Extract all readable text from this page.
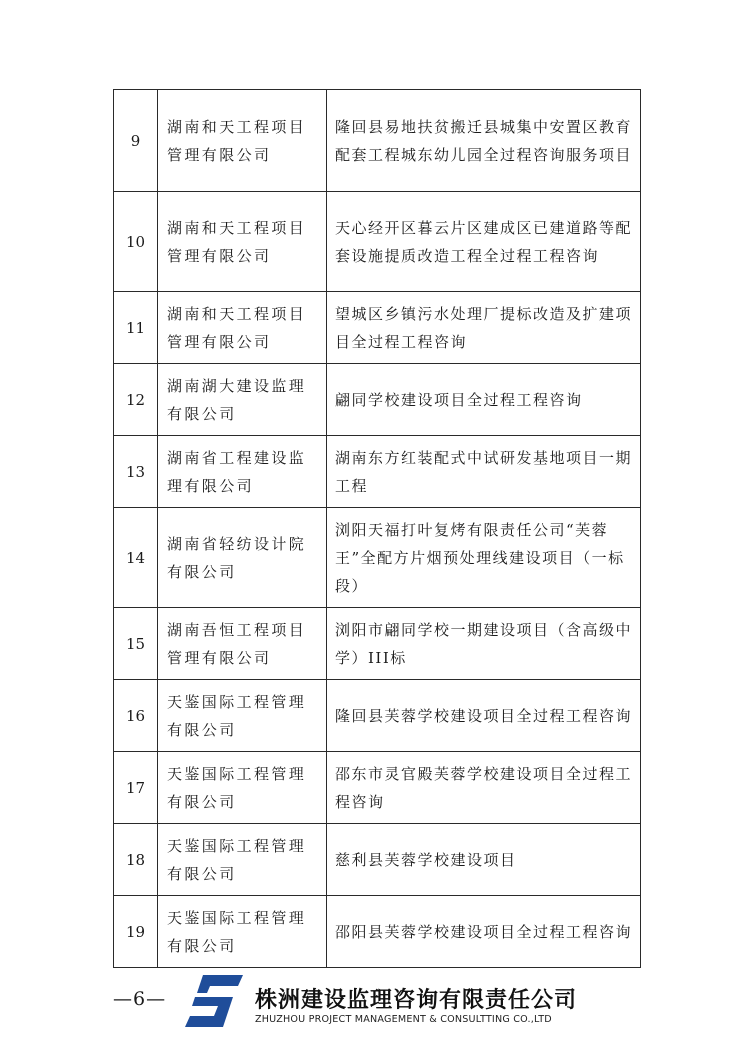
9	湖南和天工程项目管理有限公司	隆回县易地扶贫搬迁县城集中安置区教育配套工程城东幼儿园全过程咨询服务项目

10	湖南和天工程项目管理有限公司	天心经开区暮云片区建成区已建道路等配套设施提质改造工程全过程工程咨询

11	湖南和天工程项目管理有限公司	望城区乡镇污水处理厂提标改造及扩建项目全过程工程咨询

12	湖南湖大建设监理有限公司	翩同学校建设项目全过程工程咨询

13	湖南省工程建设监理有限公司	湖南东方红装配式中试研发基地项目一期工程

14	湖南省轻纺设计院有限公司	浏阳天福打叶复烤有限责任公司“芙蓉王”全配方片烟预处理线建设项目（一标段）

15	湖南吾恒工程项目管理有限公司	浏阳市翩同学校一期建设项目（含高级中学）III标

16	天鉴国际工程管理有限公司	隆回县芙蓉学校建设项目全过程工程咨询

17	天鉴国际工程管理有限公司	邵东市灵官殿芙蓉学校建设项目全过程工程咨询

18	天鉴国际工程管理有限公司	慈利县芙蓉学校建设项目

19	天鉴国际工程管理有限公司	邵阳县芙蓉学校建设项目全过程工程咨询
—6—	株洲建设监理咨询有限责任公司
ZHUZHOU PROJECT MANAGEMENT & CONSULTTING CO.,LTD
